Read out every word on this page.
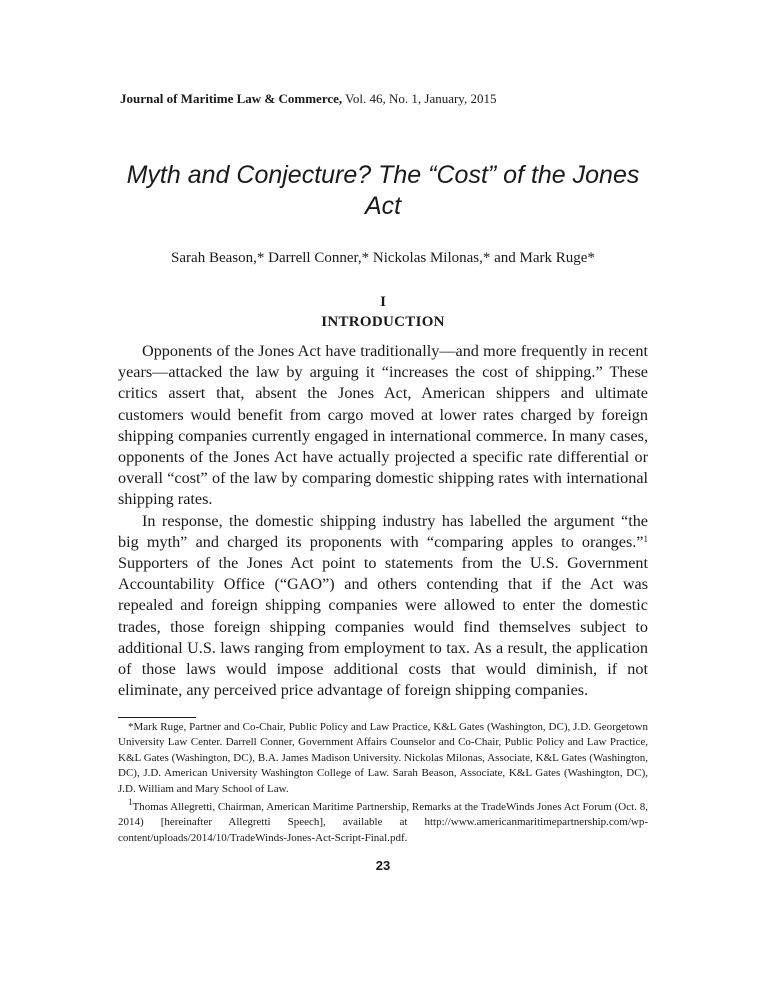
Journal of Maritime Law & Commerce, Vol. 46, No. 1, January, 2015
Myth and Conjecture? The “Cost” of the Jones Act
Sarah Beason,* Darrell Conner,* Nickolas Milonas,* and Mark Ruge*
I
INTRODUCTION

Opponents of the Jones Act have traditionally—and more frequently in recent years—attacked the law by arguing it “increases the cost of shipping.” These critics assert that, absent the Jones Act, American shippers and ultimate customers would benefit from cargo moved at lower rates charged by foreign shipping companies currently engaged in international commerce. In many cases, opponents of the Jones Act have actually projected a specific rate differential or overall “cost” of the law by comparing domestic shipping rates with international shipping rates.

In response, the domestic shipping industry has labelled the argument “the big myth” and charged its proponents with “comparing apples to oranges.”$^1$ Supporters of the Jones Act point to statements from the U.S. Government Accountability Office (“GAO”) and others contending that if the Act was repealed and foreign shipping companies were allowed to enter the domestic trades, those foreign shipping companies would find themselves subject to additional U.S. laws ranging from employment to tax. As a result, the application of those laws would impose additional costs that would diminish, if not eliminate, any perceived price advantage of foreign shipping companies.

*Mark Ruge, Partner and Co-Chair, Public Policy and Law Practice, K&L Gates (Washington, DC), J.D. Georgetown University Law Center. Darrell Conner, Government Affairs Counselor and Co-Chair, Public Policy and Law Practice, K&L Gates (Washington, DC), B.A. James Madison University. Nickolas Milonas, Associate, K&L Gates (Washington, DC), J.D. American University Washington College of Law. Sarah Beason, Associate, K&L Gates (Washington, DC), J.D. William and Mary School of Law.

$^1$Thomas Allegretti, Chairman, American Maritime Partnership, Remarks at the TradeWinds Jones Act Forum (Oct. 8, 2014) [hereinafter Allegretti Speech], available at http://www.americanmaritimepartnership.com/wp-content/uploads/2014/10/TradeWinds-Jones-Act-Script-Final.pdf.

23
